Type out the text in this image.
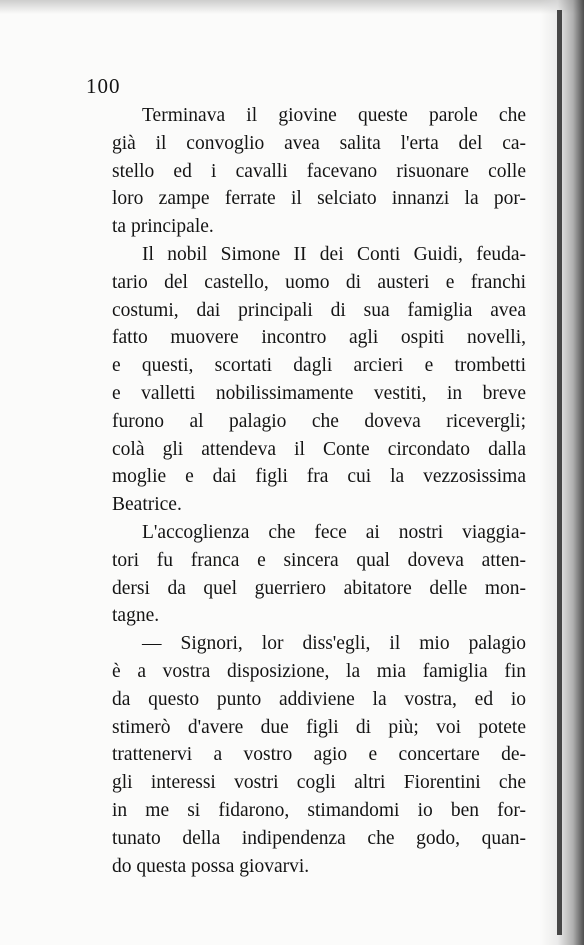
100
Terminava il giovine queste parole che
già il convoglio avea salita l'erta del ca-
stello ed i cavalli facevano risuonare colle
loro zampe ferrate il selciato innanzi la por-
ta principale.
Il nobil Simone II dei Conti Guidi, feuda-
tario del castello, uomo di austeri e franchi
costumi, dai principali di sua famiglia avea
fatto muovere incontro agli ospiti novelli,
e questi, scortati dagli arcieri e trombetti
e valletti nobilissimamente vestiti, in breve
furono al palagio che doveva ricevergli;
colà gli attendeva il Conte circondato dalla
moglie e dai figli fra cui la vezzosissima
Beatrice.
L'accoglienza che fece ai nostri viaggia-
tori fu franca e sincera qual doveva atten-
dersi da quel guerriero abitatore delle mon-
tagne.
— Signori, lor diss'egli, il mio palagio
è a vostra disposizione, la mia famiglia fin
da questo punto addiviene la vostra, ed io
stimerò d'avere due figli di più; voi potete
trattenervi a vostro agio e concertare de-
gli interessi vostri cogli altri Fiorentini che
in me si fidarono, stimandomi io ben for-
tunato della indipendenza che godo, quan-
do questa possa giovarvi.
